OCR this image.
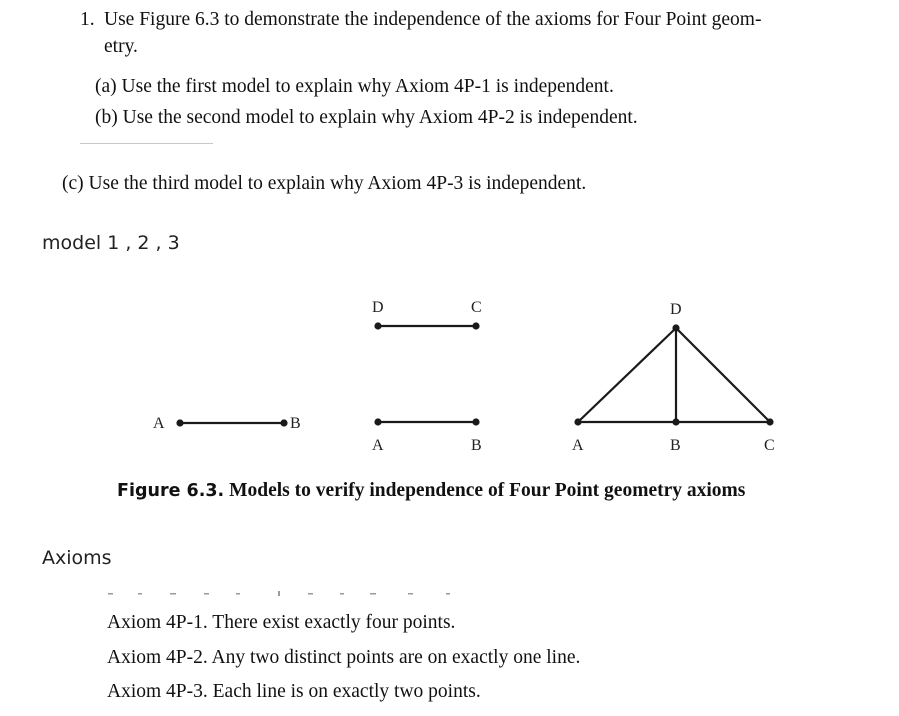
1. Use Figure 6.3 to demonstrate the independence of the axioms for Four Point geom-
etry.
(a) Use the first model to explain why Axiom 4P-1 is independent.
(b) Use the second model to explain why Axiom 4P-2 is independent.
(c) Use the third model to explain why Axiom 4P-3 is independent.
model 1 , 2 , 3
A	B
D	C
A	B
D
A	B	C
Figure 6.3. Models to verify independence of Four Point geometry axioms
Axioms
Axiom 4P-1. There exist exactly four points.
Axiom 4P-2. Any two distinct points are on exactly one line.
Axiom 4P-3. Each line is on exactly two points.
